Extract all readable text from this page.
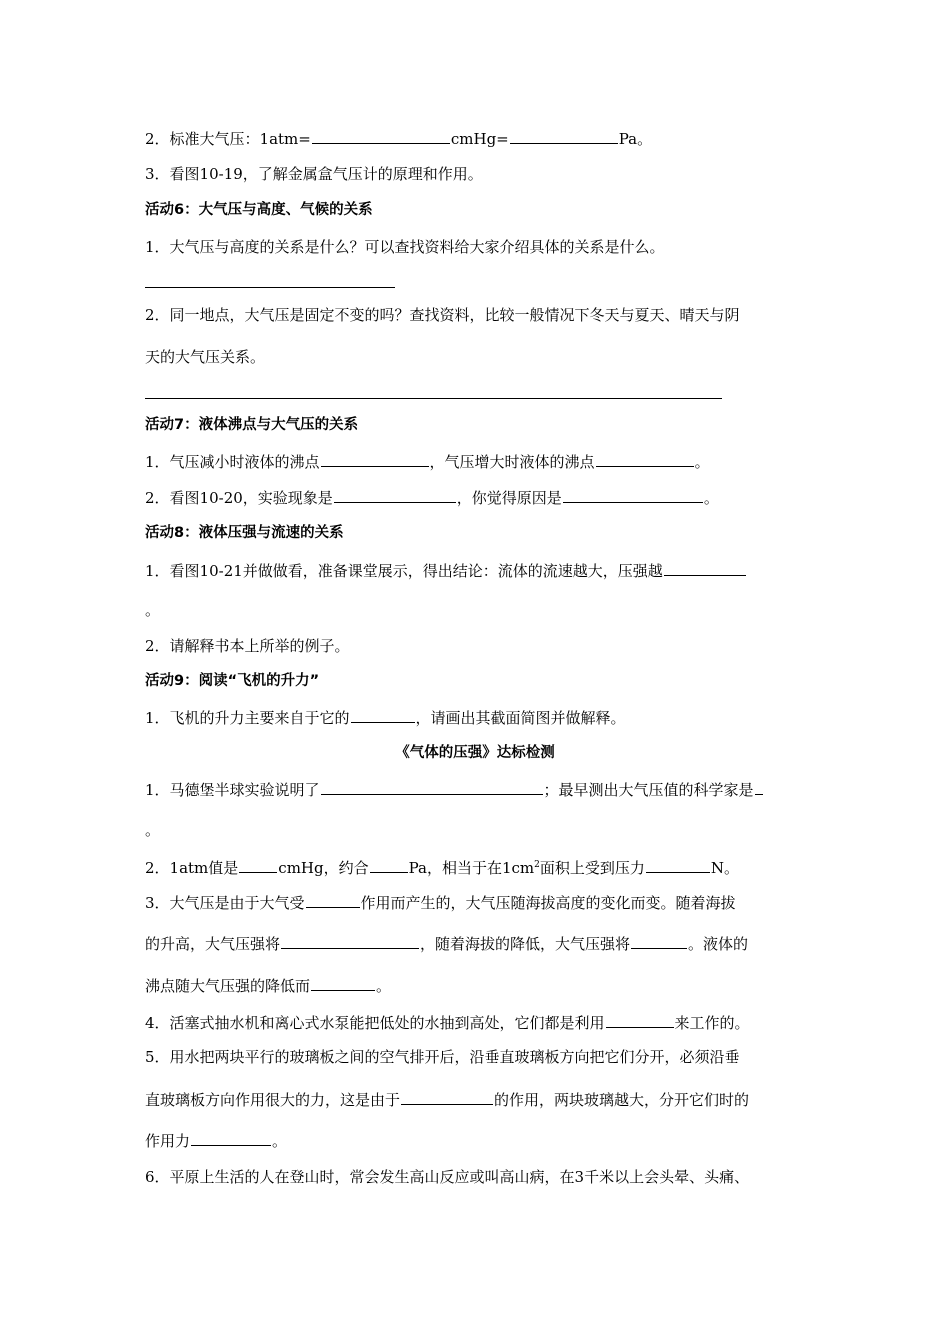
2．标准大气压：1atm=	cmHg=	Pa。
3．看图10-19，了解金属盒气压计的原理和作用。
活动6：大气压与高度、气候的关系
1．大气压与高度的关系是什么？可以查找资料给大家介绍具体的关系是什么。
2．同一地点，大气压是固定不变的吗？查找资料，比较一般情况下冬天与夏天、晴天与阴
天的大气压关系。
活动7：液体沸点与大气压的关系
1．气压减小时液体的沸点	，气压增大时液体的沸点	。
2．看图10-20，实验现象是	，你觉得原因是	。
活动8：液体压强与流速的关系
1．看图10-21并做做看，准备课堂展示，得出结论：流体的流速越大，压强越
。
2．请解释书本上所举的例子。
活动9：阅读“飞机的升力”
1．飞机的升力主要来自于它的	，请画出其截面简图并做解释。
《气体的压强》达标检测
1．马德堡半球实验说明了	；最早测出大气压值的科学家是
。
2．1atm值是	cmHg，约合	Pa，相当于在$1cm^2$面积上受到压力	N。
3．大气压是由于大气受	作用而产生的，大气压随海拔高度的变化而变。随着海拔
的升高，大气压强将	，随着海拔的降低，大气压强将	。液体的
沸点随大气压强的降低而	。
4．活塞式抽水机和离心式水泵能把低处的水抽到高处，它们都是利用	来工作的。
5．用水把两块平行的玻璃板之间的空气排开后，沿垂直玻璃板方向把它们分开，必须沿垂
直玻璃板方向作用很大的力，这是由于	的作用，两块玻璃越大，分开它们时的
作用力	。
6．平原上生活的人在登山时，常会发生高山反应或叫高山病，在3千米以上会头晕、头痛、
